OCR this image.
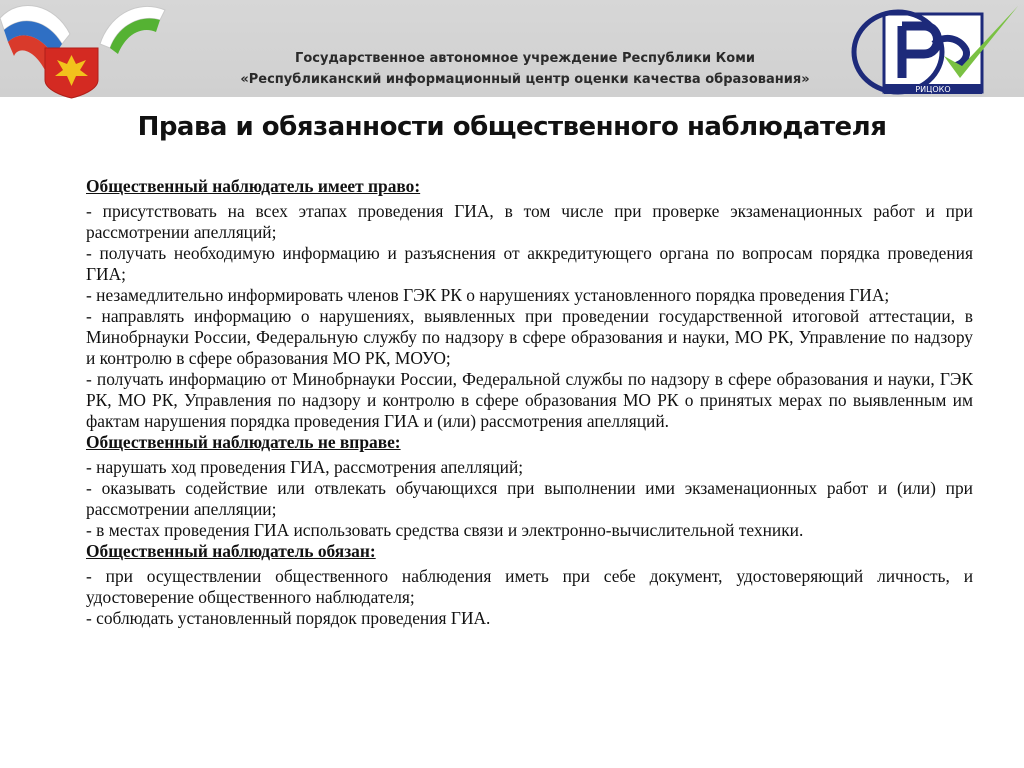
РИЦОКО
Государственное автономное учреждение Республики Коми
«Республиканский информационный центр оценки качества образования»
Права и обязанности общественного наблюдателя
Общественный наблюдатель имеет право:

- присутствовать на всех этапах проведения ГИА, в том числе при проверке экзаменационных работ и при рассмотрении апелляций;

- получать необходимую информацию и разъяснения от аккредитующего органа по вопросам порядка проведения ГИА;

- незамедлительно информировать членов ГЭК РК о нарушениях установленного порядка проведения ГИА;

- направлять информацию о нарушениях, выявленных при проведении государственной итоговой аттестации, в Минобрнауки России, Федеральную службу по надзору в сфере образования и науки, МО РК, Управление по надзору и контролю в сфере образования МО РК, МОУО;

- получать информацию от Минобрнауки России, Федеральной службы по надзору в сфере образования и науки, ГЭК РК, МО РК, Управления по надзору и контролю в сфере образования МО РК о принятых мерах по выявленным им фактам нарушения порядка проведения ГИА и (или) рассмотрения апелляций.

Общественный наблюдатель не вправе:

- нарушать ход проведения ГИА, рассмотрения апелляций;

- оказывать содействие или отвлекать обучающихся при выполнении ими экзаменационных работ и (или) при рассмотрении апелляции;

- в местах проведения ГИА использовать средства связи и электронно-вычислительной техники.

Общественный наблюдатель обязан:

- при осуществлении общественного наблюдения иметь при себе документ, удостоверяющий личность, и удостоверение общественного наблюдателя;

- соблюдать установленный порядок проведения ГИА.
